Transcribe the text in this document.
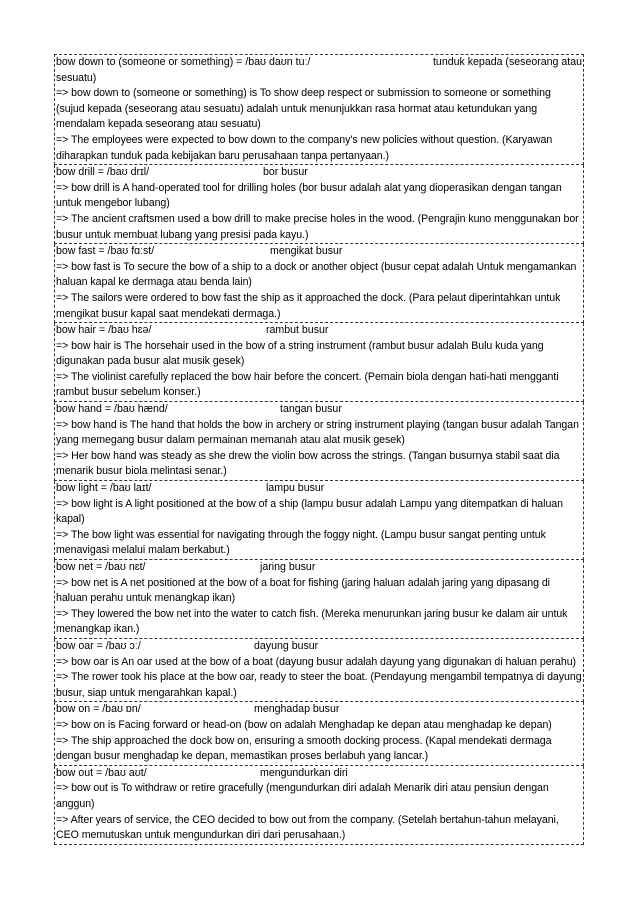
bow down to (someone or something) = /baʊ daʊn tuː/	tunduk kepada (seseorang atau
sesuatu)
=> bow down to (someone or something) is To show deep respect or submission to someone or something (sujud kepada (seseorang atau sesuatu) adalah untuk menunjukkan rasa hormat atau ketundukan yang mendalam kepada seseorang atau sesuatu)
=> The employees were expected to bow down to the company's new policies without question. (Karyawan diharapkan tunduk pada kebijakan baru perusahaan tanpa pertanyaan.)
bow drill = /baʊ drɪl/	bor busur
=> bow drill is A hand-operated tool for drilling holes (bor busur adalah alat yang dioperasikan dengan tangan untuk mengebor lubang)
=> The ancient craftsmen used a bow drill to make precise holes in the wood. (Pengrajin kuno menggunakan bor busur untuk membuat lubang yang presisi pada kayu.)
bow fast = /baʊ fɑːst/	mengikat busur
=> bow fast is To secure the bow of a ship to a dock or another object (busur cepat adalah Untuk mengamankan haluan kapal ke dermaga atau benda lain)
=> The sailors were ordered to bow fast the ship as it approached the dock. (Para pelaut diperintahkan untuk mengikat busur kapal saat mendekati dermaga.)
bow hair = /baʊ hɛə/	rambut busur
=> bow hair is The horsehair used in the bow of a string instrument (rambut busur adalah Bulu kuda yang digunakan pada busur alat musik gesek)
=> The violinist carefully replaced the bow hair before the concert. (Pemain biola dengan hati-hati mengganti rambut busur sebelum konser.)
bow hand = /baʊ hænd/	tangan busur
=> bow hand is The hand that holds the bow in archery or string instrument playing (tangan busur adalah Tangan yang memegang busur dalam permainan memanah atau alat musik gesek)
=> Her bow hand was steady as she drew the violin bow across the strings. (Tangan busurnya stabil saat dia menarik busur biola melintasi senar.)
bow light = /baʊ laɪt/	lampu busur
=> bow light is A light positioned at the bow of a ship (lampu busur adalah Lampu yang ditempatkan di haluan kapal)
=> The bow light was essential for navigating through the foggy night. (Lampu busur sangat penting untuk menavigasi melalui malam berkabut.)
bow net = /baʊ nɛt/	jaring busur
=> bow net is A net positioned at the bow of a boat for fishing (jaring haluan adalah jaring yang dipasang di haluan perahu untuk menangkap ikan)
=> They lowered the bow net into the water to catch fish. (Mereka menurunkan jaring busur ke dalam air untuk menangkap ikan.)
bow oar = /baʊ ɔː/	dayung busur
=> bow oar is An oar used at the bow of a boat (dayung busur adalah dayung yang digunakan di haluan perahu)
=> The rower took his place at the bow oar, ready to steer the boat. (Pendayung mengambil tempatnya di dayung busur, siap untuk mengarahkan kapal.)
bow on = /baʊ ɒn/	menghadap busur
=> bow on is Facing forward or head-on (bow on adalah Menghadap ke depan atau menghadap ke depan)
=> The ship approached the dock bow on, ensuring a smooth docking process. (Kapal mendekati dermaga dengan busur menghadap ke depan, memastikan proses berlabuh yang lancar.)
bow out = /baʊ aʊt/	mengundurkan diri
=> bow out is To withdraw or retire gracefully (mengundurkan diri adalah Menarik diri atau pensiun dengan anggun)
=> After years of service, the CEO decided to bow out from the company. (Setelah bertahun-tahun melayani, CEO memutuskan untuk mengundurkan diri dari perusahaan.)
